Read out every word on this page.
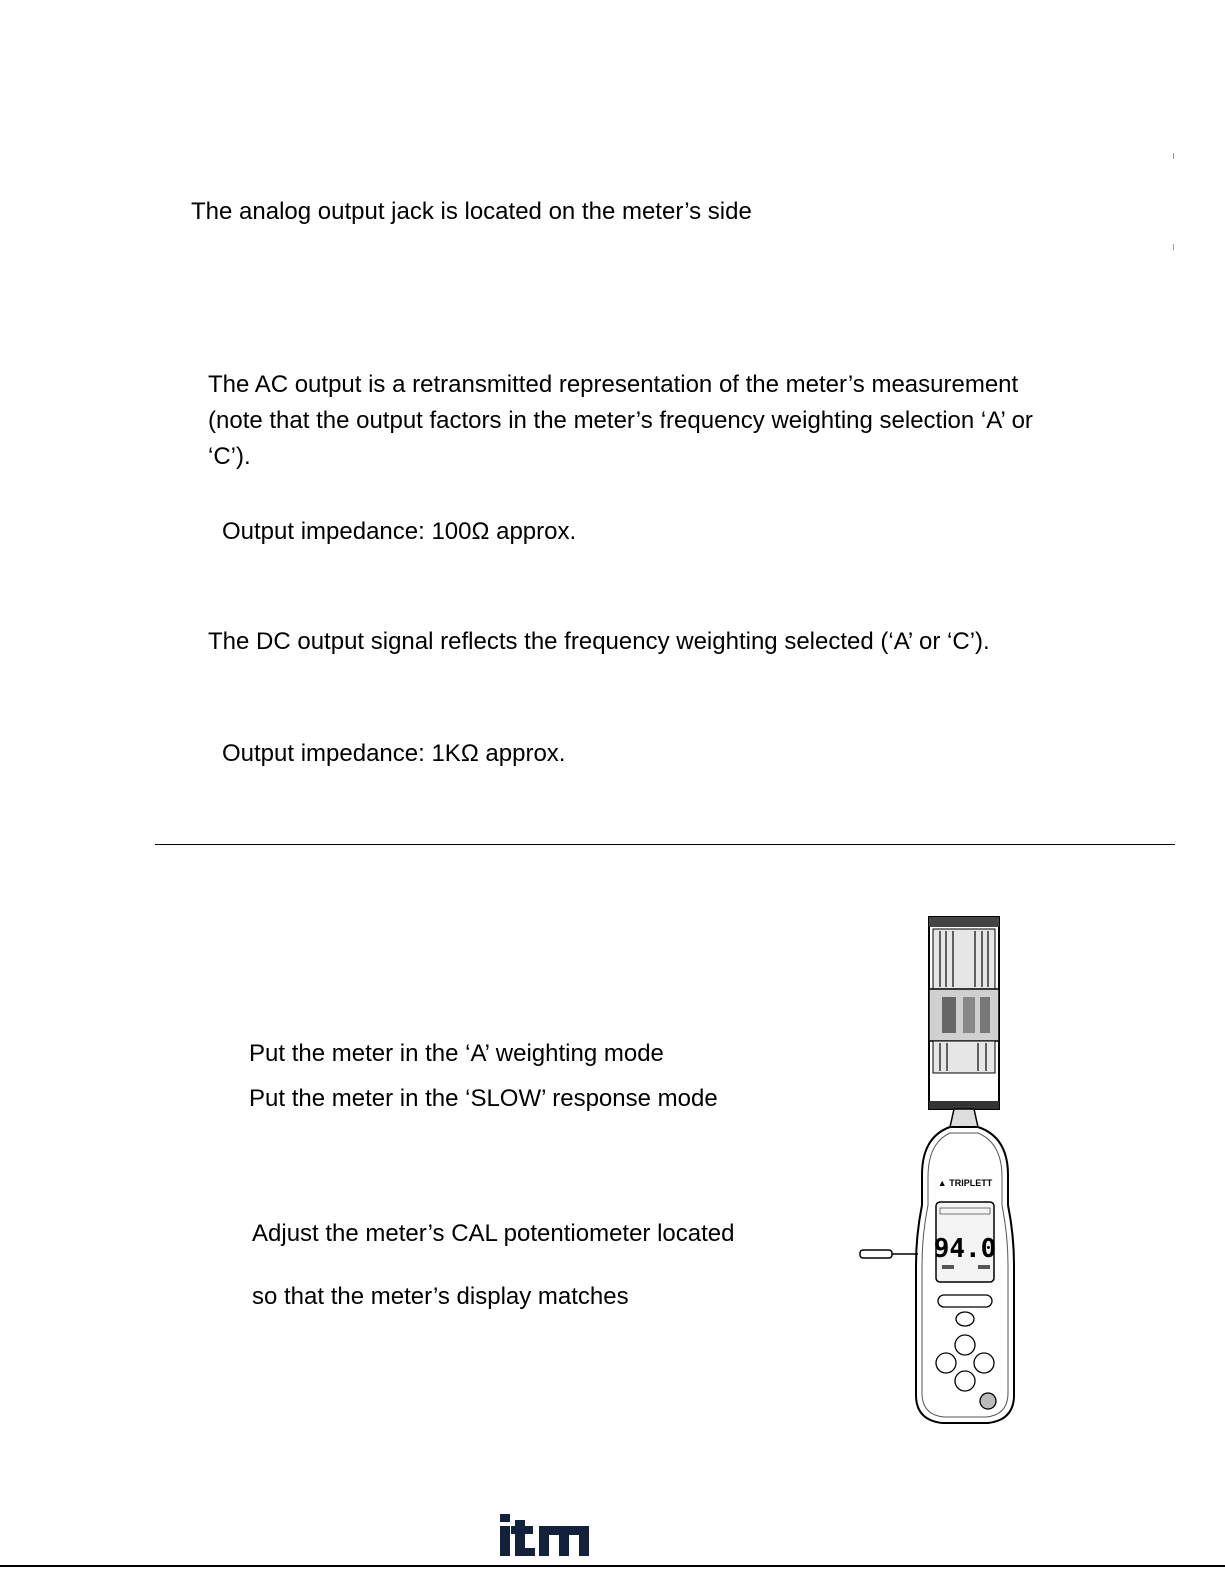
The analog output jack is located on the meter’s side

The AC output is a retransmitted representation of the meter’s measurement (note that the output factors in the meter’s frequency weighting selection ‘A’ or ‘C’).

Output impedance: 100Ω approx.

The DC output signal reflects the frequency weighting selected (‘A’ or ‘C’).

Output impedance: 1KΩ approx.

Put the meter in the ‘A’ weighting mode

Put the meter in the ‘SLOW’ response mode

Adjust the meter’s CAL potentiometer located

so that the meter’s display matches

▲ TRIPLETT
94.0
